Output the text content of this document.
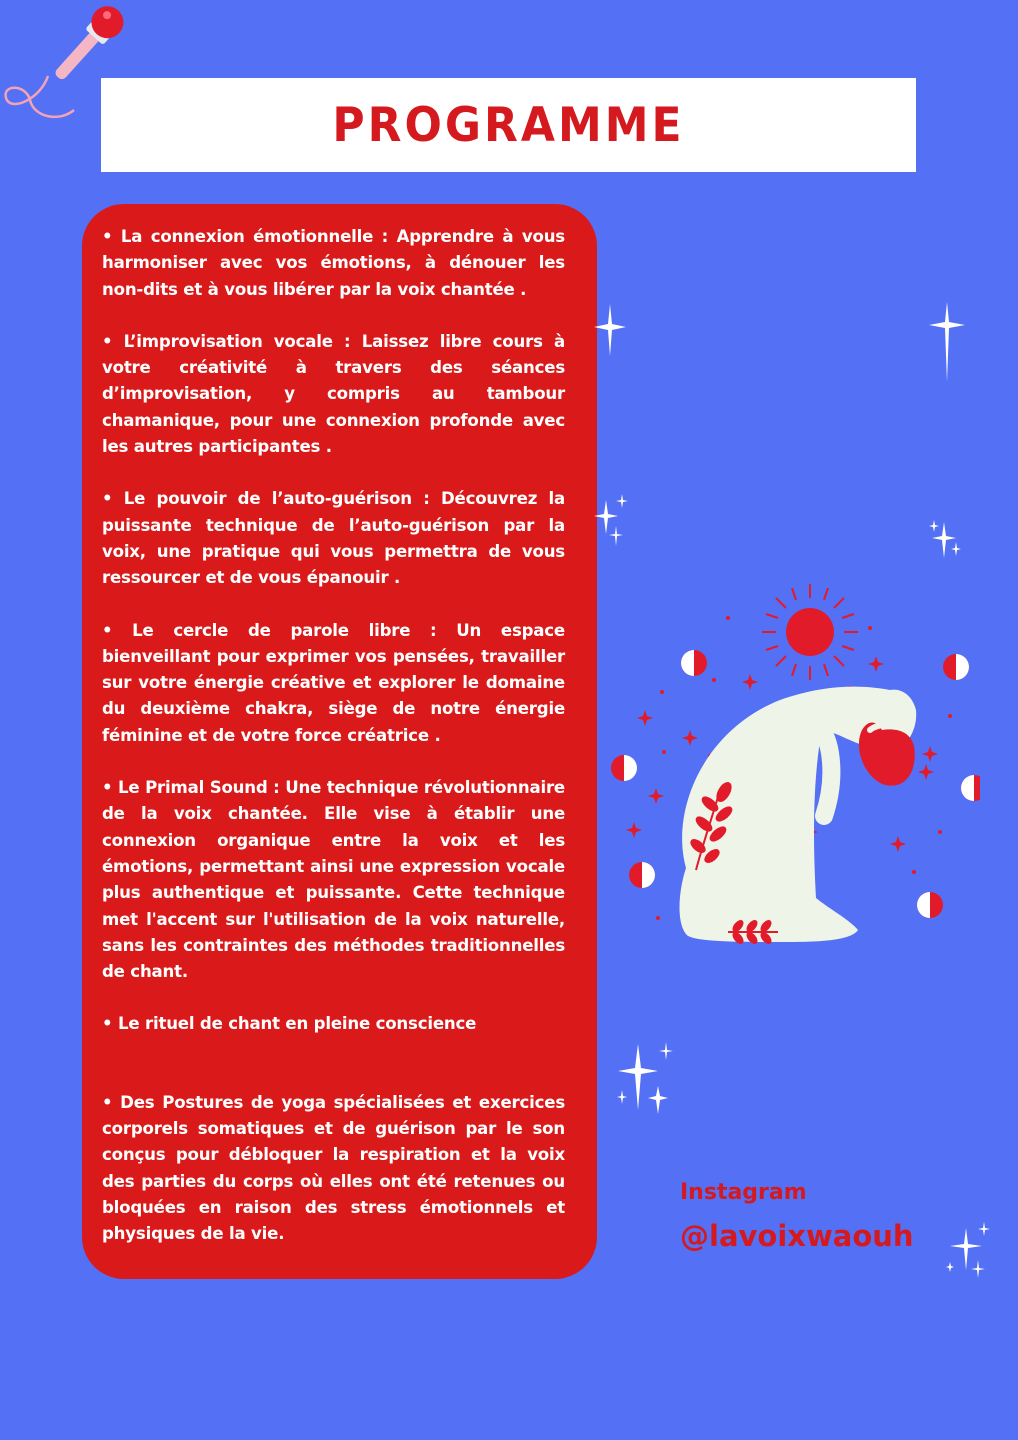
PROGRAMME

• La connexion émotionnelle : Apprendre à vous harmoniser avec vos émotions, à dénouer les non-dits et à vous libérer par la voix chantée .

• L’improvisation vocale : Laissez libre cours à votre créativité à travers des séances d’improvisation, y compris au tambour chamanique, pour une connexion profonde avec les autres participantes .

• Le pouvoir de l’auto-guérison : Découvrez la puissante technique de l’auto-guérison par la voix, une pratique qui vous permettra de vous ressourcer et de vous épanouir .

• Le cercle de parole libre : Un espace bienveillant pour exprimer vos pensées, travailler sur votre énergie créative et explorer le domaine du deuxième chakra, siège de notre énergie féminine et de votre force créatrice .

• Le Primal Sound : Une technique révolutionnaire de la voix chantée. Elle vise à établir une connexion organique entre la voix et les émotions, permettant ainsi une expression vocale plus authentique et puissante. Cette technique met l'accent sur l'utilisation de la voix naturelle, sans les contraintes des méthodes traditionnelles de chant.

• Le rituel de chant en pleine conscience

• Des Postures de yoga spécialisées et exercices corporels somatiques et de guérison par le son conçus pour débloquer la respiration et la voix des parties du corps où elles ont été retenues ou bloquées en raison des stress émotionnels et physiques de la vie.

Instagram
@lavoixwaouh
